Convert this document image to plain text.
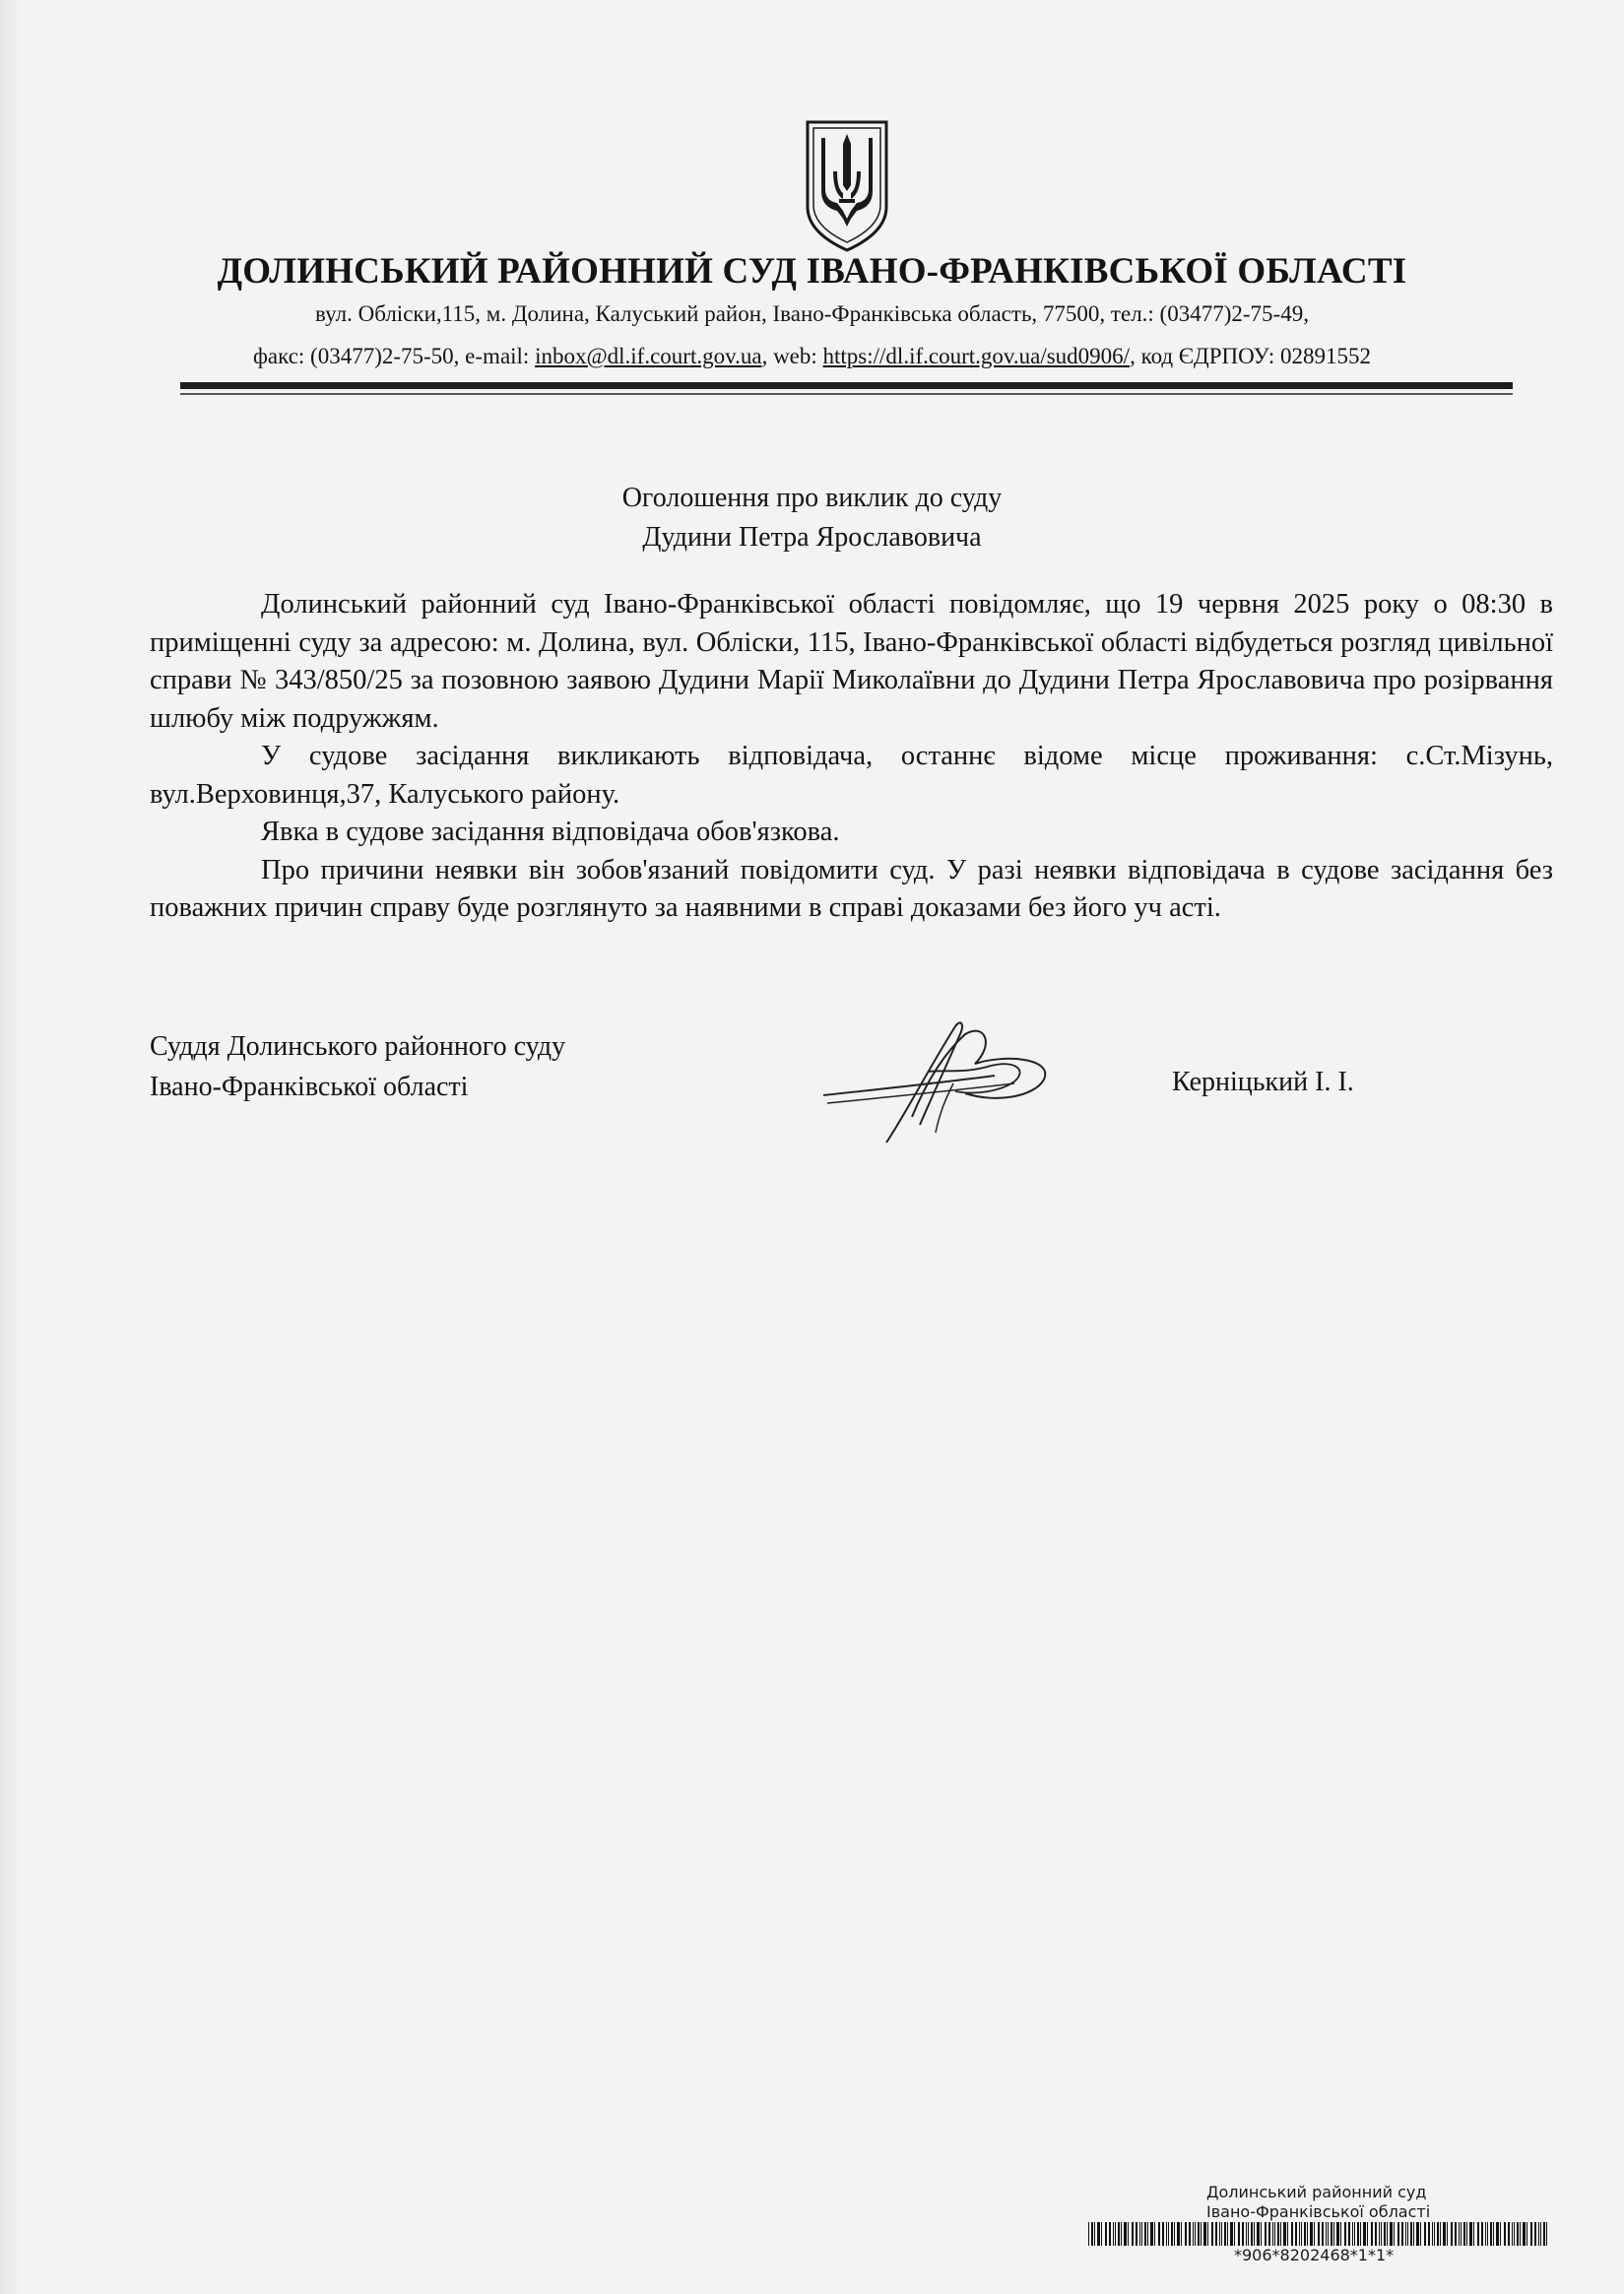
ДОЛИНСЬКИЙ РАЙОННИЙ СУД ІВАНО-ФРАНКІВСЬКОЇ ОБЛАСТІ
вул. Обліски,115, м. Долина, Калуський район, Івано-Франківська область, 77500, тел.: (03477)2-75-49,
факс: (03477)2-75-50, e-mail: inbox@dl.if.court.gov.ua, web: https://dl.if.court.gov.ua/sud0906/, код ЄДРПОУ: 02891552
Оголошення про виклик до суду
Дудини Петра Ярославовича

Долинський районний суд Івано-Франківської області повідомляє, що 19 червня 2025 року о 08:30 в приміщенні суду за адресою: м. Долина, вул. Обліски, 115, Івано-Франківської області відбудеться розгляд цивільної справи № 343/850/25 за позовною заявою Дудини Марії Миколаївни до Дудини Петра Ярославовича про розірвання шлюбу між подружжям.

У судове засідання викликають відповідача, останнє відоме місце проживання: с.Ст.Мізунь, вул.Верховинця,37, Калуського району.

Явка в судове засідання відповідача обов'язкова.

Про причини неявки він зобов'язаний повідомити суд. У разі неявки відповідача в судове засідання без поважних причин справу буде розглянуто за наявними в справі доказами без його уч асті.

Суддя Долинського районного суду
Івано-Франківської області	Керніцький І. І.
Долинський районний суд
Івано-Франківської області
*906*8202468*1*1*
